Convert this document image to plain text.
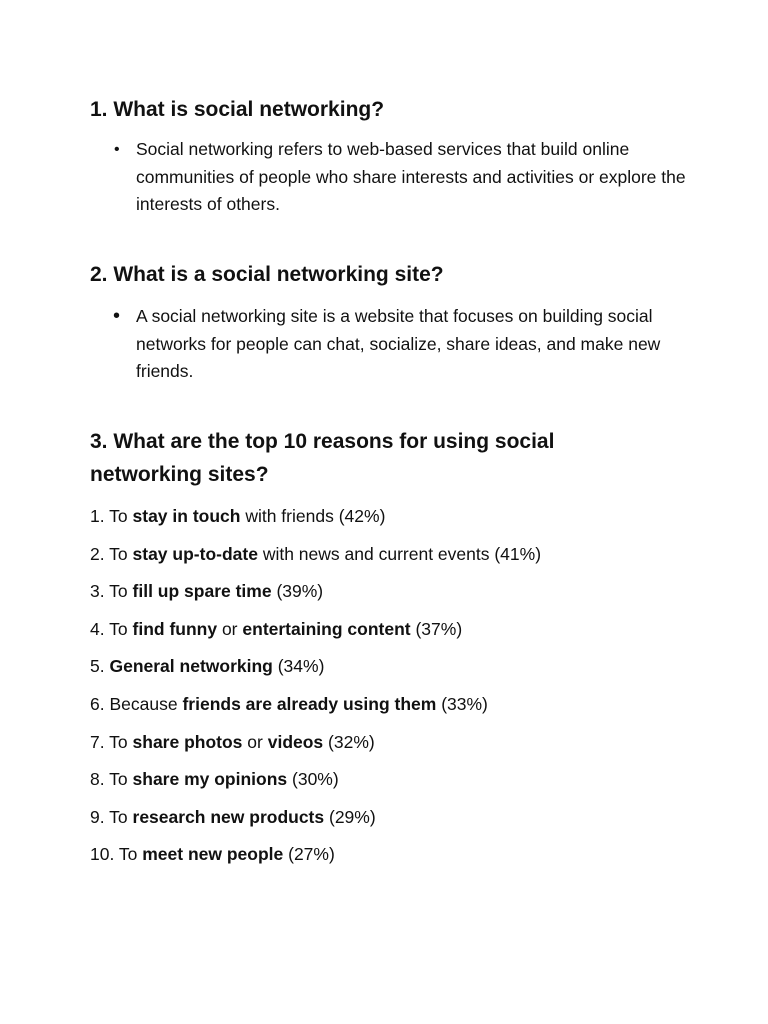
1. What is social networking?
• Social networking refers to web-based services that build online communities of people who share interests and activities or explore the interests of others.
2. What is a social networking site?
• A social networking site is a website that focuses on building social networks for people can chat, socialize, share ideas, and make new friends.
3. What are the top 10 reasons for using social networking sites?
1. To stay in touch with friends (42%)
2. To stay up-to-date with news and current events (41%)
3. To fill up spare time (39%)
4. To find funny or entertaining content (37%)
5. General networking (34%)
6. Because friends are already using them (33%)
7. To share photos or videos (32%)
8. To share my opinions (30%)
9. To research new products (29%)
10. To meet new people (27%)
